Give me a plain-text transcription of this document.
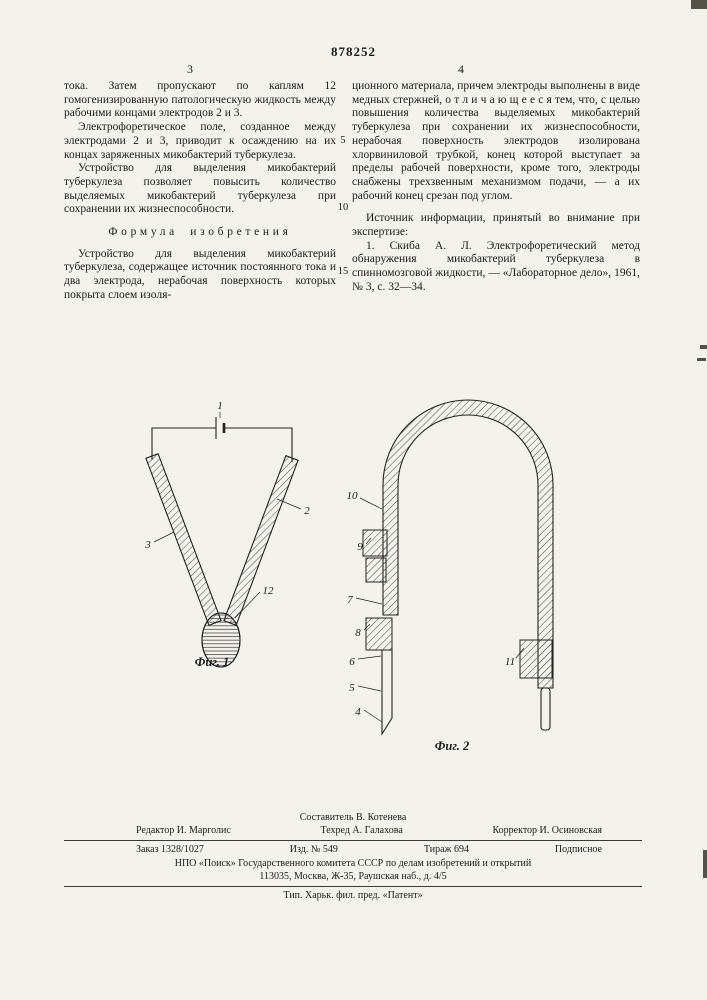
878252
3	4

тока. Затем пропускают по каплям 12 гомогенизированную патологическую жидкость между рабочими концами электродов 2 и 3.

Электрофоретическое поле, созданное между электродами 2 и 3, приводит к осаждению на их концах заряженных микобактерий туберкулеза.

Устройство для выделения микобактерий туберкулеза позволяет повысить количество выделяемых микобактерий туберкулеза при сохранении их жизнеспособности.

Формула изобретения

Устройство для выделения микобактерий туберкулеза, содержащее источник постоянного тока и два электрода, нерабочая поверхность которых покрыта слоем изоля-

5
10
15

ционного материала, причем электроды выполнены в виде медных стержней, о т л и ч а ю щ е е с я тем, что, с целью повышения количества выделяемых микобактерий туберкулеза при сохранении их жизнеспособности, нерабочая поверхность электродов изолирована хлорвиниловой трубкой, конец которой выступает за пределы рабочей поверхности, кроме того, электроды снабжены трехзвенным механизмом подачи, — а их рабочий конец срезан под углом.

Источник информации, принятый во внимание при экспертизе:

1. Скиба А. Л. Электрофоретический метод обнаружения микобактерий туберкулеза в спинномозговой жидкости, — «Лабораторное дело», 1961, № 3, с. 32—34.

1
3
2
12
Фиг. 1
10
9
7
8
6
5
4
11
Фиг. 2
Составитель В. Котенева
Редактор И. Марголис	Техред А. Галахова	Корректор И. Осиновская
Заказ 1328/1027	Изд. № 549	Тираж 694	Подписное
НПО «Поиск» Государственного комитета СССР по делам изобретений и открытий
113035, Москва, Ж-35, Раушская наб., д. 4/5
Тип. Харьк. фил. пред. «Патент»
